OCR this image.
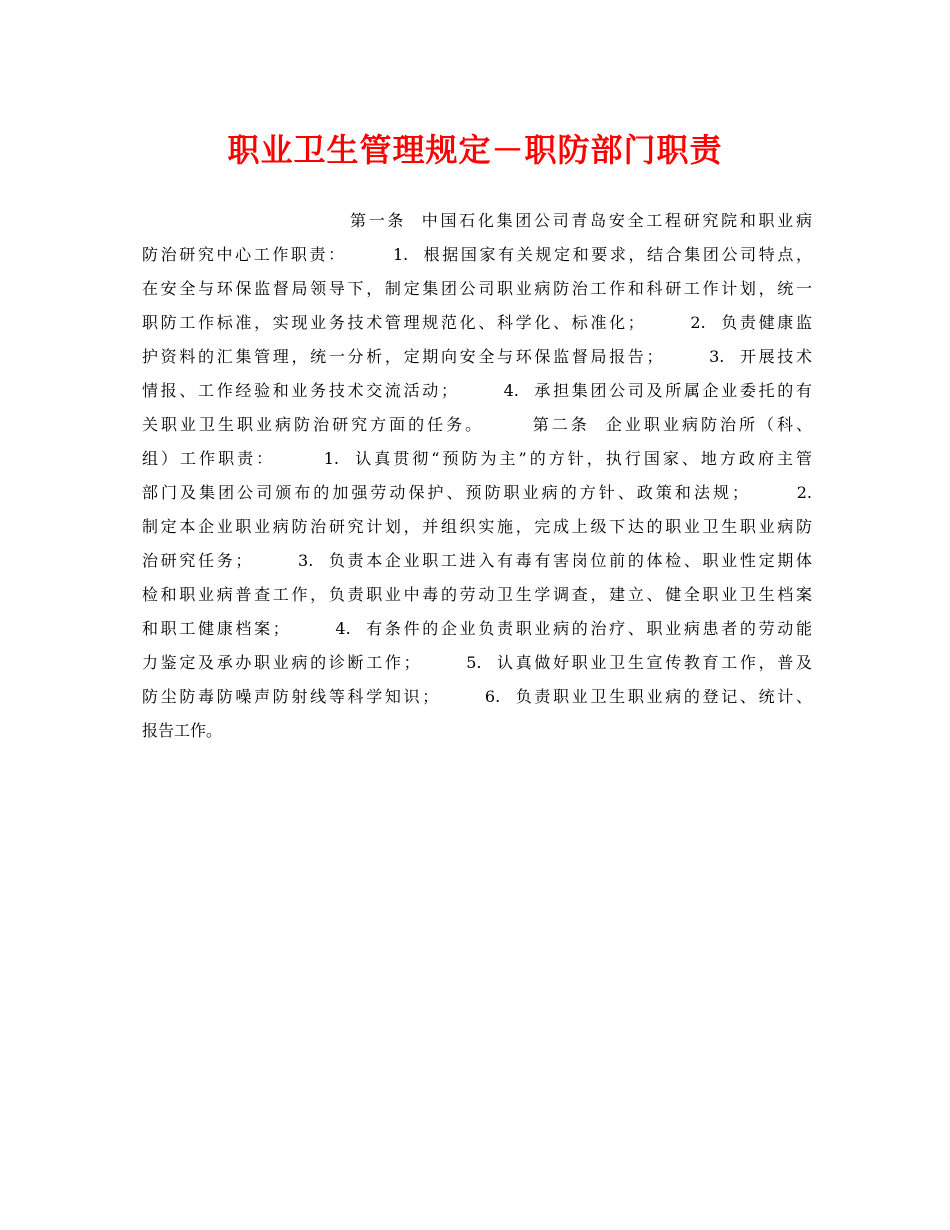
职业卫生管理规定－职防部门职责
第一条  中国石化集团公司青岛安全工程研究院和职业病
防治研究中心工作职责：      1.  根据国家有关规定和要求，结合集团公司特点，
在安全与环保监督局领导下，制定集团公司职业病防治工作和科研工作计划，统一
职防工作标准，实现业务技术管理规范化、科学化、标准化；      2.  负责健康监
护资料的汇集管理，统一分析，定期向安全与环保监督局报告；      3.  开展技术
情报、工作经验和业务技术交流活动；      4.  承担集团公司及所属企业委托的有
关职业卫生职业病防治研究方面的任务。      第二条  企业职业病防治所（科、
组）工作职责：      1.  认真贯彻“预防为主”的方针，执行国家、地方政府主管
部门及集团公司颁布的加强劳动保护、预防职业病的方针、政策和法规；      2.
制定本企业职业病防治研究计划，并组织实施，完成上级下达的职业卫生职业病防
治研究任务；      3.  负责本企业职工进入有毒有害岗位前的体检、职业性定期体
检和职业病普查工作，负责职业中毒的劳动卫生学调查，建立、健全职业卫生档案
和职工健康档案；      4.  有条件的企业负责职业病的治疗、职业病患者的劳动能
力鉴定及承办职业病的诊断工作；      5.  认真做好职业卫生宣传教育工作，普及
防尘防毒防噪声防射线等科学知识；      6.  负责职业卫生职业病的登记、统计、
报告工作。
